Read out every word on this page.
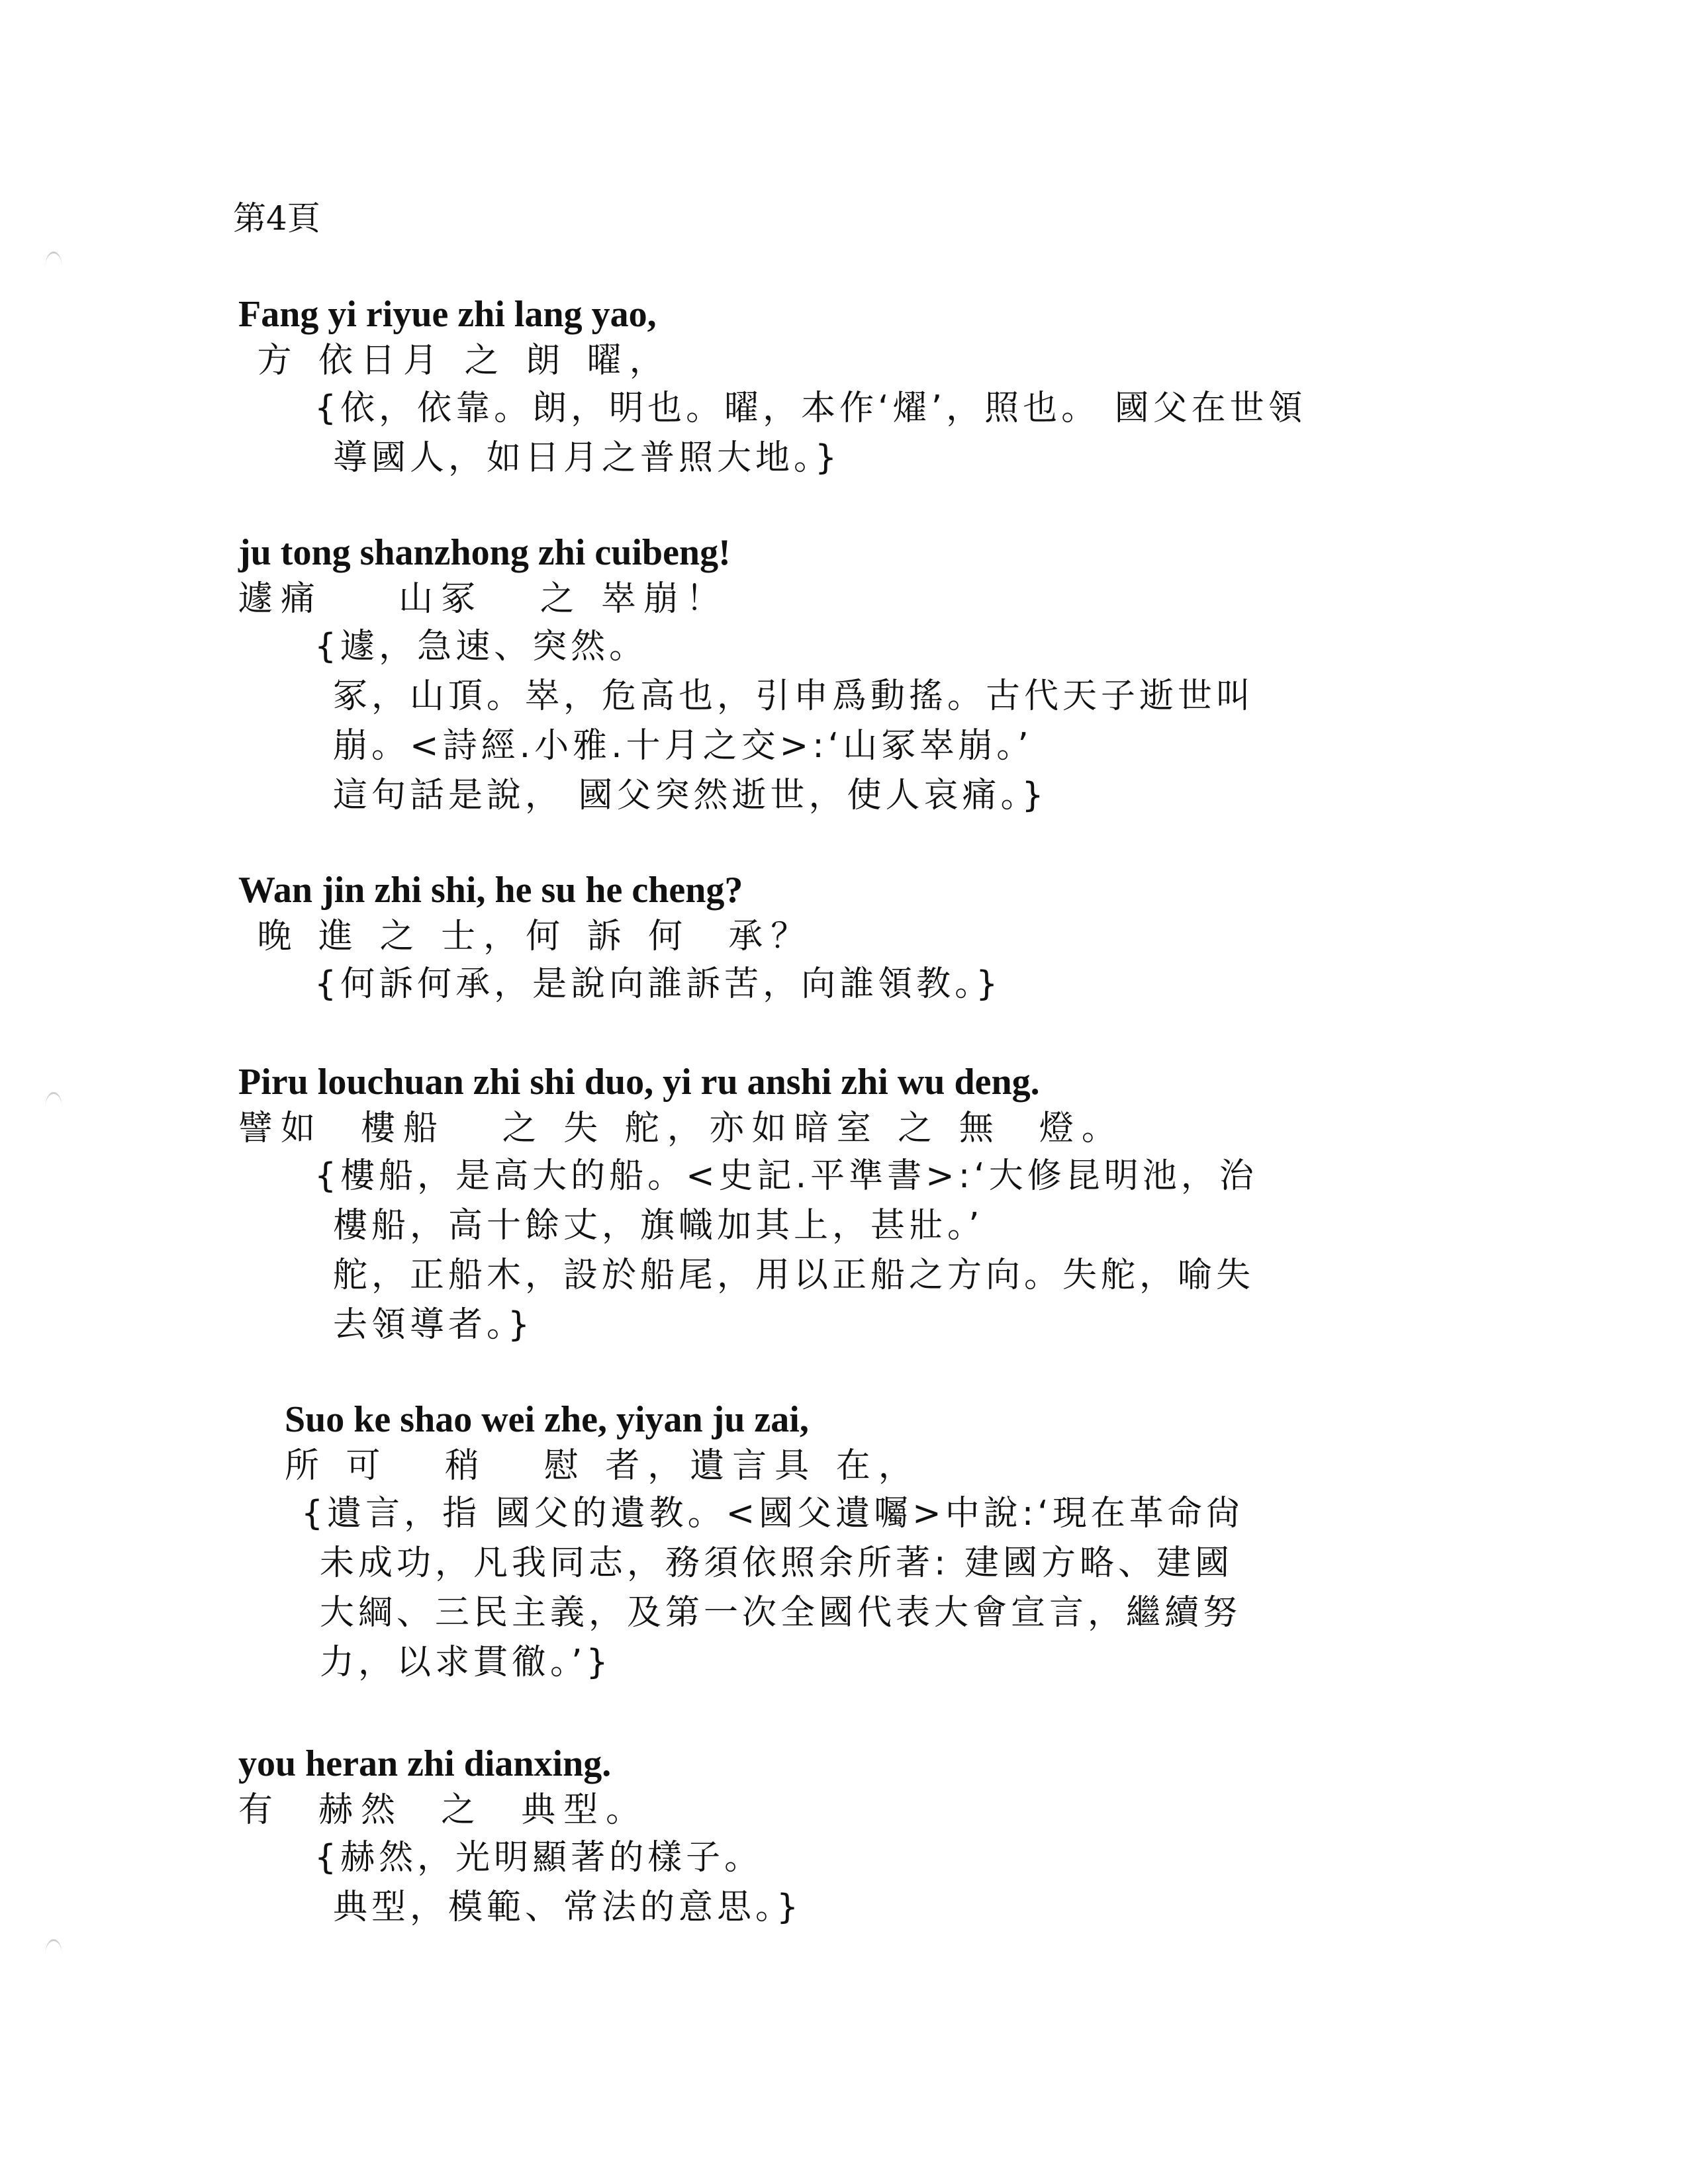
第4頁
Fang yi riyue zhi lang yao,
方 依日月 之 朗 曜，
{依，依靠。朗，明也。曜，本作‘燿’，照也。 國父在世領
導國人，如日月之普照大地。}
ju tong shanzhong zhi cuibeng!
遽痛    山冢   之 崒崩！
{遽，急速、突然。
冢，山頂。崒，危高也，引申爲動搖。古代天子逝世叫
崩。<詩經.小雅.十月之交>:‘山冢崒崩。’
這句話是說， 國父突然逝世，使人哀痛。}
Wan jin zhi shi, he su he cheng?
晚 進 之 士，何 訴 何  承？
{何訴何承，是說向誰訴苦，向誰領教。}
Piru louchuan zhi shi duo, yi ru anshi zhi wu deng.
譬如  樓船   之 失 舵，亦如暗室 之 無  燈。
{樓船，是高大的船。<史記.平準書>:‘大修昆明池，治
樓船，高十餘丈，旗幟加其上，甚壯。’
舵，正船木，設於船尾，用以正船之方向。失舵，喻失
去領導者。}
Suo ke shao wei zhe, yiyan ju zai,
所 可   稍   慰 者，遺言具 在，
{遺言，指 國父的遺教。<國父遺囑>中說:‘現在革命尙
未成功，凡我同志，務須依照余所著: 建國方略、建國
大綱、三民主義，及第一次全國代表大會宣言，繼續努
力，以求貫徹。’}
you heran zhi dianxing.
有  赫然  之  典型。
{赫然，光明顯著的樣子。
典型，模範、常法的意思。}
